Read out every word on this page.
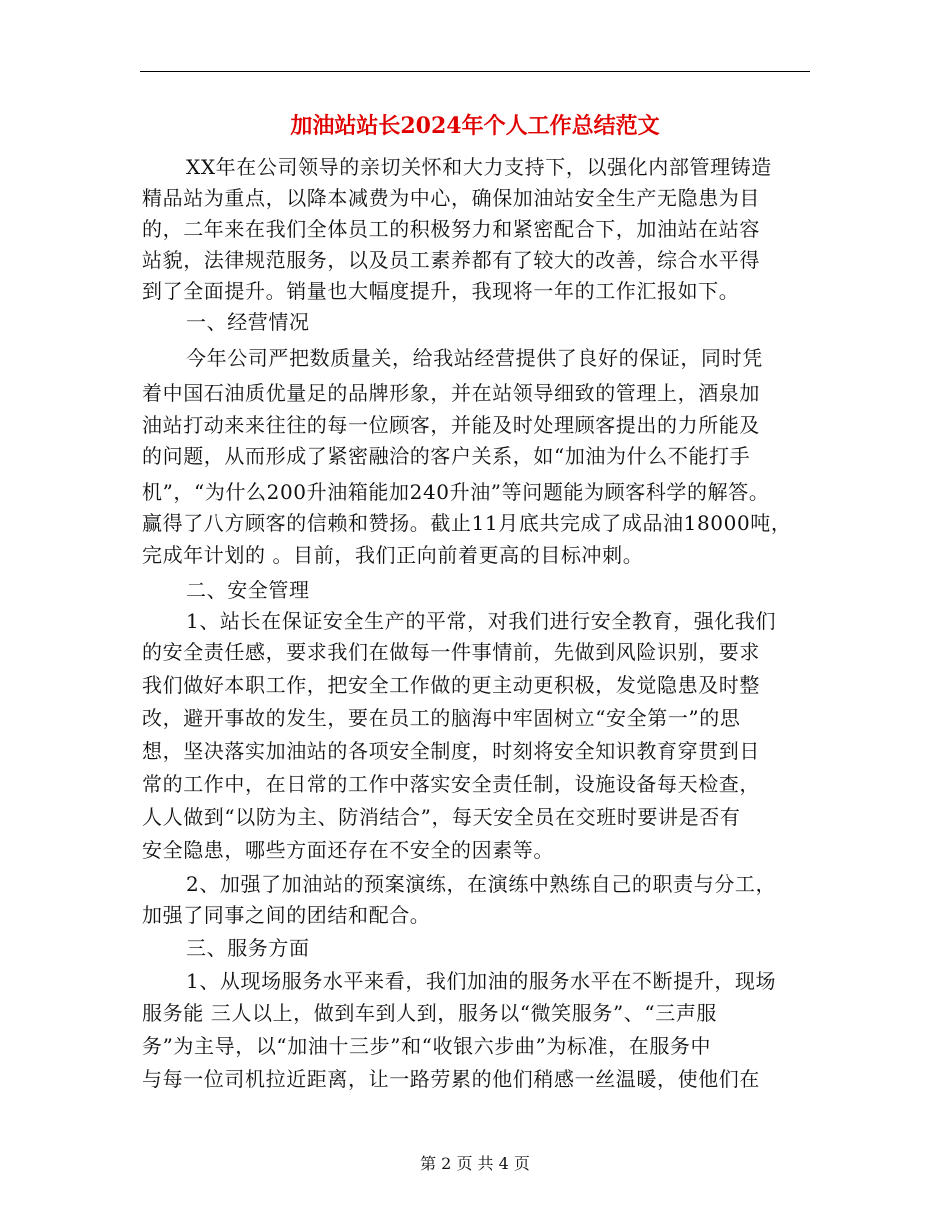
加油站站长2024年个人工作总结范文
XX年在公司领导的亲切关怀和大力支持下，以强化内部管理铸造
精品站为重点，以降本减费为中心，确保加油站安全生产无隐患为目
的，二年来在我们全体员工的积极努力和紧密配合下，加油站在站容
站貌，法律规范服务，以及员工素养都有了较大的改善，综合水平得
到了全面提升。销量也大幅度提升，我现将一年的工作汇报如下。
一、经营情况
今年公司严把数质量关，给我站经营提供了良好的保证，同时凭
着中国石油质优量足的品牌形象，并在站领导细致的管理上，酒泉加
油站打动来来往往的每一位顾客，并能及时处理顾客提出的力所能及
的问题，从而形成了紧密融洽的客户关系，如“加油为什么不能打手
机”，“为什么200升油箱能加240升油”等问题能为顾客科学的解答。
赢得了八方顾客的信赖和赞扬。截止11月底共完成了成品油18000吨，
完成年计划的 。目前，我们正向前着更高的目标冲刺。
二、安全管理
1、站长在保证安全生产的平常，对我们进行安全教育，强化我们
的安全责任感，要求我们在做每一件事情前，先做到风险识别，要求
我们做好本职工作，把安全工作做的更主动更积极，发觉隐患及时整
改，避开事故的发生，要在员工的脑海中牢固树立“安全第一”的思
想，坚决落实加油站的各项安全制度，时刻将安全知识教育穿贯到日
常的工作中，在日常的工作中落实安全责任制，设施设备每天检查，
人人做到“以防为主、防消结合”，每天安全员在交班时要讲是否有
安全隐患，哪些方面还存在不安全的因素等。
2、加强了加油站的预案演练，在演练中熟练自己的职责与分工，
加强了同事之间的团结和配合。
三、服务方面
1、从现场服务水平来看，我们加油的服务水平在不断提升，现场
服务能 三人以上，做到车到人到，服务以“微笑服务”、“三声服
务”为主导，以“加油十三步”和“收银六步曲”为标准，在服务中
与每一位司机拉近距离，让一路劳累的他们稍感一丝温暖，使他们在
第 2 页 共 4 页
